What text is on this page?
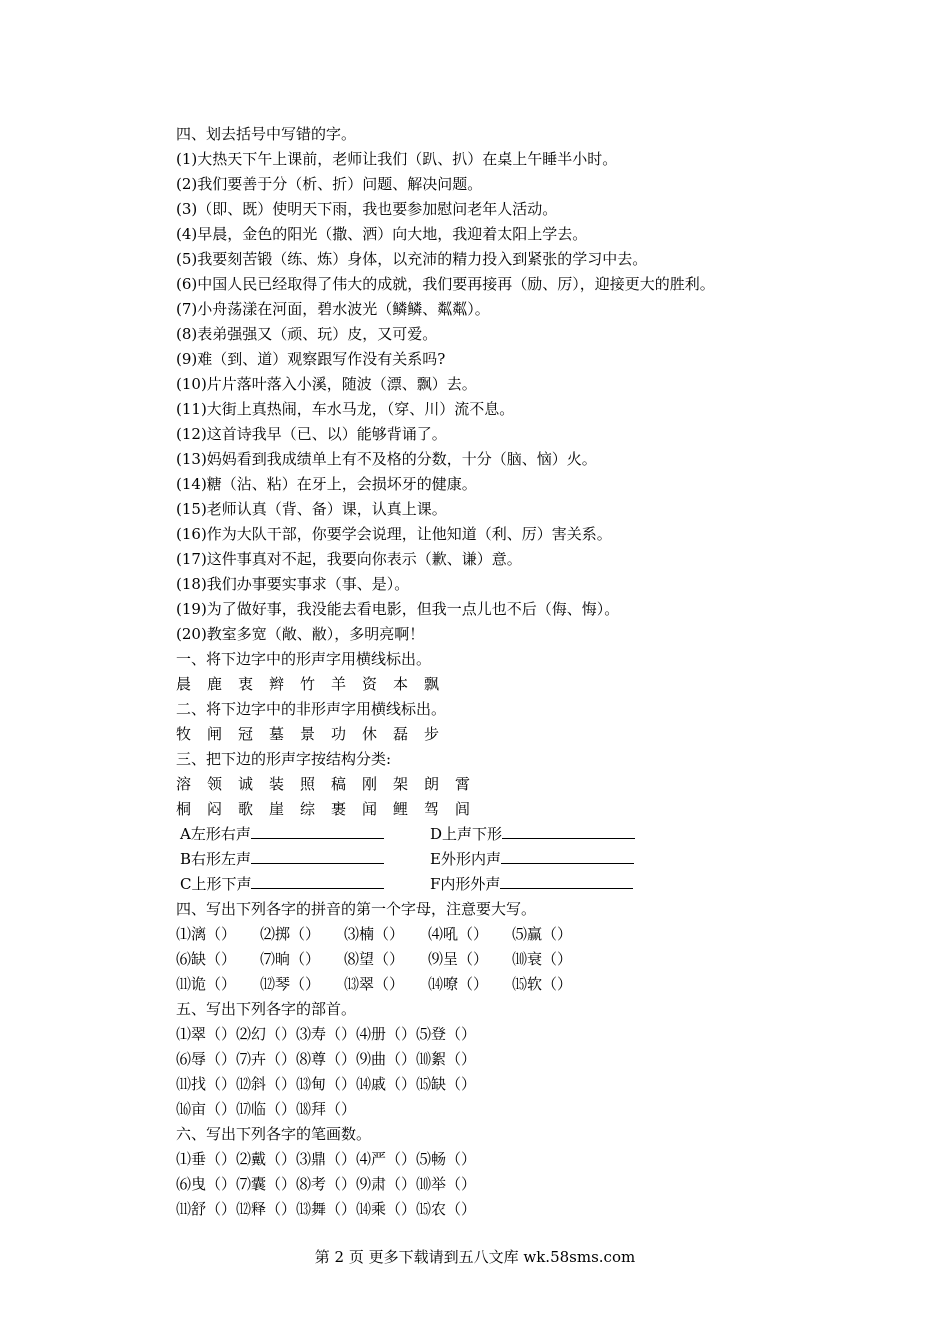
四、划去括号中写错的字。
(1)大热天下午上课前，老师让我们（趴、扒）在桌上午睡半小时。
(2)我们要善于分（析、折）问题、解决问题。
(3)（即、既）使明天下雨，我也要参加慰问老年人活动。
(4)早晨，金色的阳光（撒、洒）向大地，我迎着太阳上学去。
(5)我要刻苦锻（练、炼）身体，以充沛的精力投入到紧张的学习中去。
(6)中国人民已经取得了伟大的成就，我们要再接再（励、厉），迎接更大的胜利。
(7)小舟荡漾在河面，碧水波光（鳞鳞、粼粼）。
(8)表弟强强又（顽、玩）皮，又可爱。
(9)难（到、道）观察跟写作没有关系吗?
(10)片片落叶落入小溪，随波（漂、飘）去。
(11)大街上真热闹，车水马龙，（穿、川）流不息。
(12)这首诗我早（已、以）能够背诵了。
(13)妈妈看到我成绩单上有不及格的分数，十分（脑、恼）火。
(14)糖（沾、粘）在牙上，会损坏牙的健康。
(15)老师认真（背、备）课，认真上课。
(16)作为大队干部，你要学会说理，让他知道（利、厉）害关系。
(17)这件事真对不起，我要向你表示（歉、谦）意。
(18)我们办事要实事求（事、是）。
(19)为了做好事，我没能去看电影，但我一点儿也不后（侮、悔）。
(20)教室多宽（敞、敝），多明亮啊！
一、将下边字中的形声字用横线标出。
晨 鹿 衷 辫 竹 羊 资 本 飘
二、将下边字中的非形声字用横线标出。
牧 闸 冠 墓 景 功 休 磊 步
三、把下边的形声字按结构分类:
溶 领 诚 装 照 稿 刚 架 朗 霄
桐 闷 歌 崖 综 裹 闻 鲤 驾 闾
A左形右声	D上声下形
B右形左声	E外形内声
C上形下声	F内形外声
四、写出下列各字的拼音的第一个字母，注意要大写。
⑴漓（） ⑵掷（） ⑶楠（） ⑷吼（） ⑸赢（）
⑹缺（） ⑺晌（） ⑻望（） ⑼呈（） ⑽衰（）
⑾诡（） ⑿琴（） ⒀翠（） ⒁嘹（） ⒂软（）
五、写出下列各字的部首。
⑴翠（）⑵幻（）⑶寿（）⑷册（）⑸登（）
⑹辱（）⑺卉（）⑻尊（）⑼曲（）⑽絮（）
⑾找（）⑿斜（）⒀甸（）⒁戚（）⒂缺（）
⒃亩（）⒄临（）⒅拜（）
六、写出下列各字的笔画数。
⑴垂（）⑵戴（）⑶鼎（）⑷严（）⑸畅（）
⑹曳（）⑺囊（）⑻考（）⑼肃（）⑽举（）
⑾舒（）⑿释（）⒀舞（）⒁乘（）⒂农（）
第 2 页 更多下载请到五八文库 wk.58sms.com
